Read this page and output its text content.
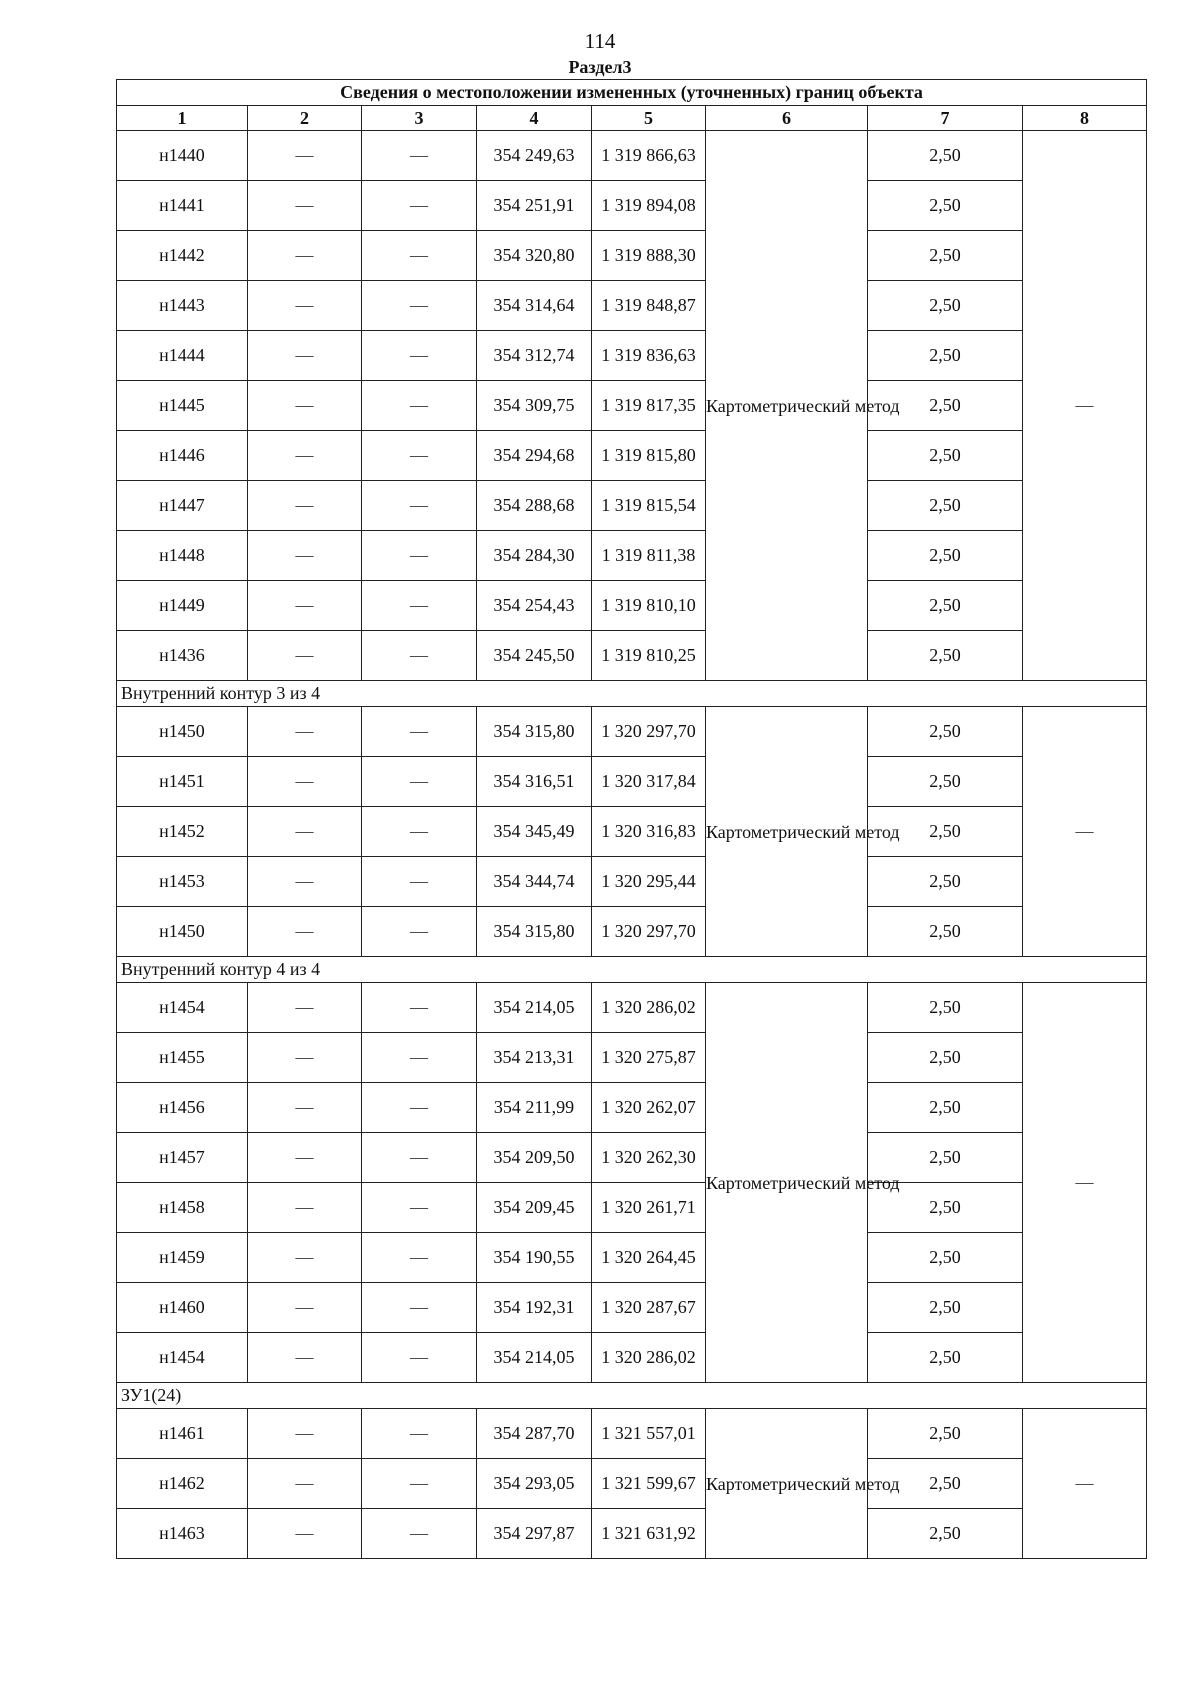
114
Раздел3
Сведения о местоположении измененных (уточненных) границ объекта							
1	2	3	4	5	6	7	8
н1440	—	—	354 249,63	1 319 866,63	Картометрический метод	2,50	—
н1441	—	—	354 251,91	1 319 894,08		2,50	
н1442	—	—	354 320,80	1 319 888,30		2,50	
н1443	—	—	354 314,64	1 319 848,87		2,50	
н1444	—	—	354 312,74	1 319 836,63		2,50	
н1445	—	—	354 309,75	1 319 817,35		2,50	
н1446	—	—	354 294,68	1 319 815,80		2,50	
н1447	—	—	354 288,68	1 319 815,54		2,50	
н1448	—	—	354 284,30	1 319 811,38		2,50	
н1449	—	—	354 254,43	1 319 810,10		2,50	
н1436	—	—	354 245,50	1 319 810,25		2,50	
Внутренний контур 3 из 4							
н1450	—	—	354 315,80	1 320 297,70	Картометрический метод	2,50	—
н1451	—	—	354 316,51	1 320 317,84		2,50	
н1452	—	—	354 345,49	1 320 316,83		2,50	
н1453	—	—	354 344,74	1 320 295,44		2,50	
н1450	—	—	354 315,80	1 320 297,70		2,50	
Внутренний контур 4 из 4							
н1454	—	—	354 214,05	1 320 286,02	Картометрический метод	2,50	—
н1455	—	—	354 213,31	1 320 275,87		2,50	
н1456	—	—	354 211,99	1 320 262,07		2,50	
н1457	—	—	354 209,50	1 320 262,30		2,50	
н1458	—	—	354 209,45	1 320 261,71		2,50	
н1459	—	—	354 190,55	1 320 264,45		2,50	
н1460	—	—	354 192,31	1 320 287,67		2,50	
н1454	—	—	354 214,05	1 320 286,02		2,50	
ЗУ1(24)							
н1461	—	—	354 287,70	1 321 557,01	Картометрический метод	2,50	—
н1462	—	—	354 293,05	1 321 599,67		2,50	
н1463	—	—	354 297,87	1 321 631,92		2,50	
